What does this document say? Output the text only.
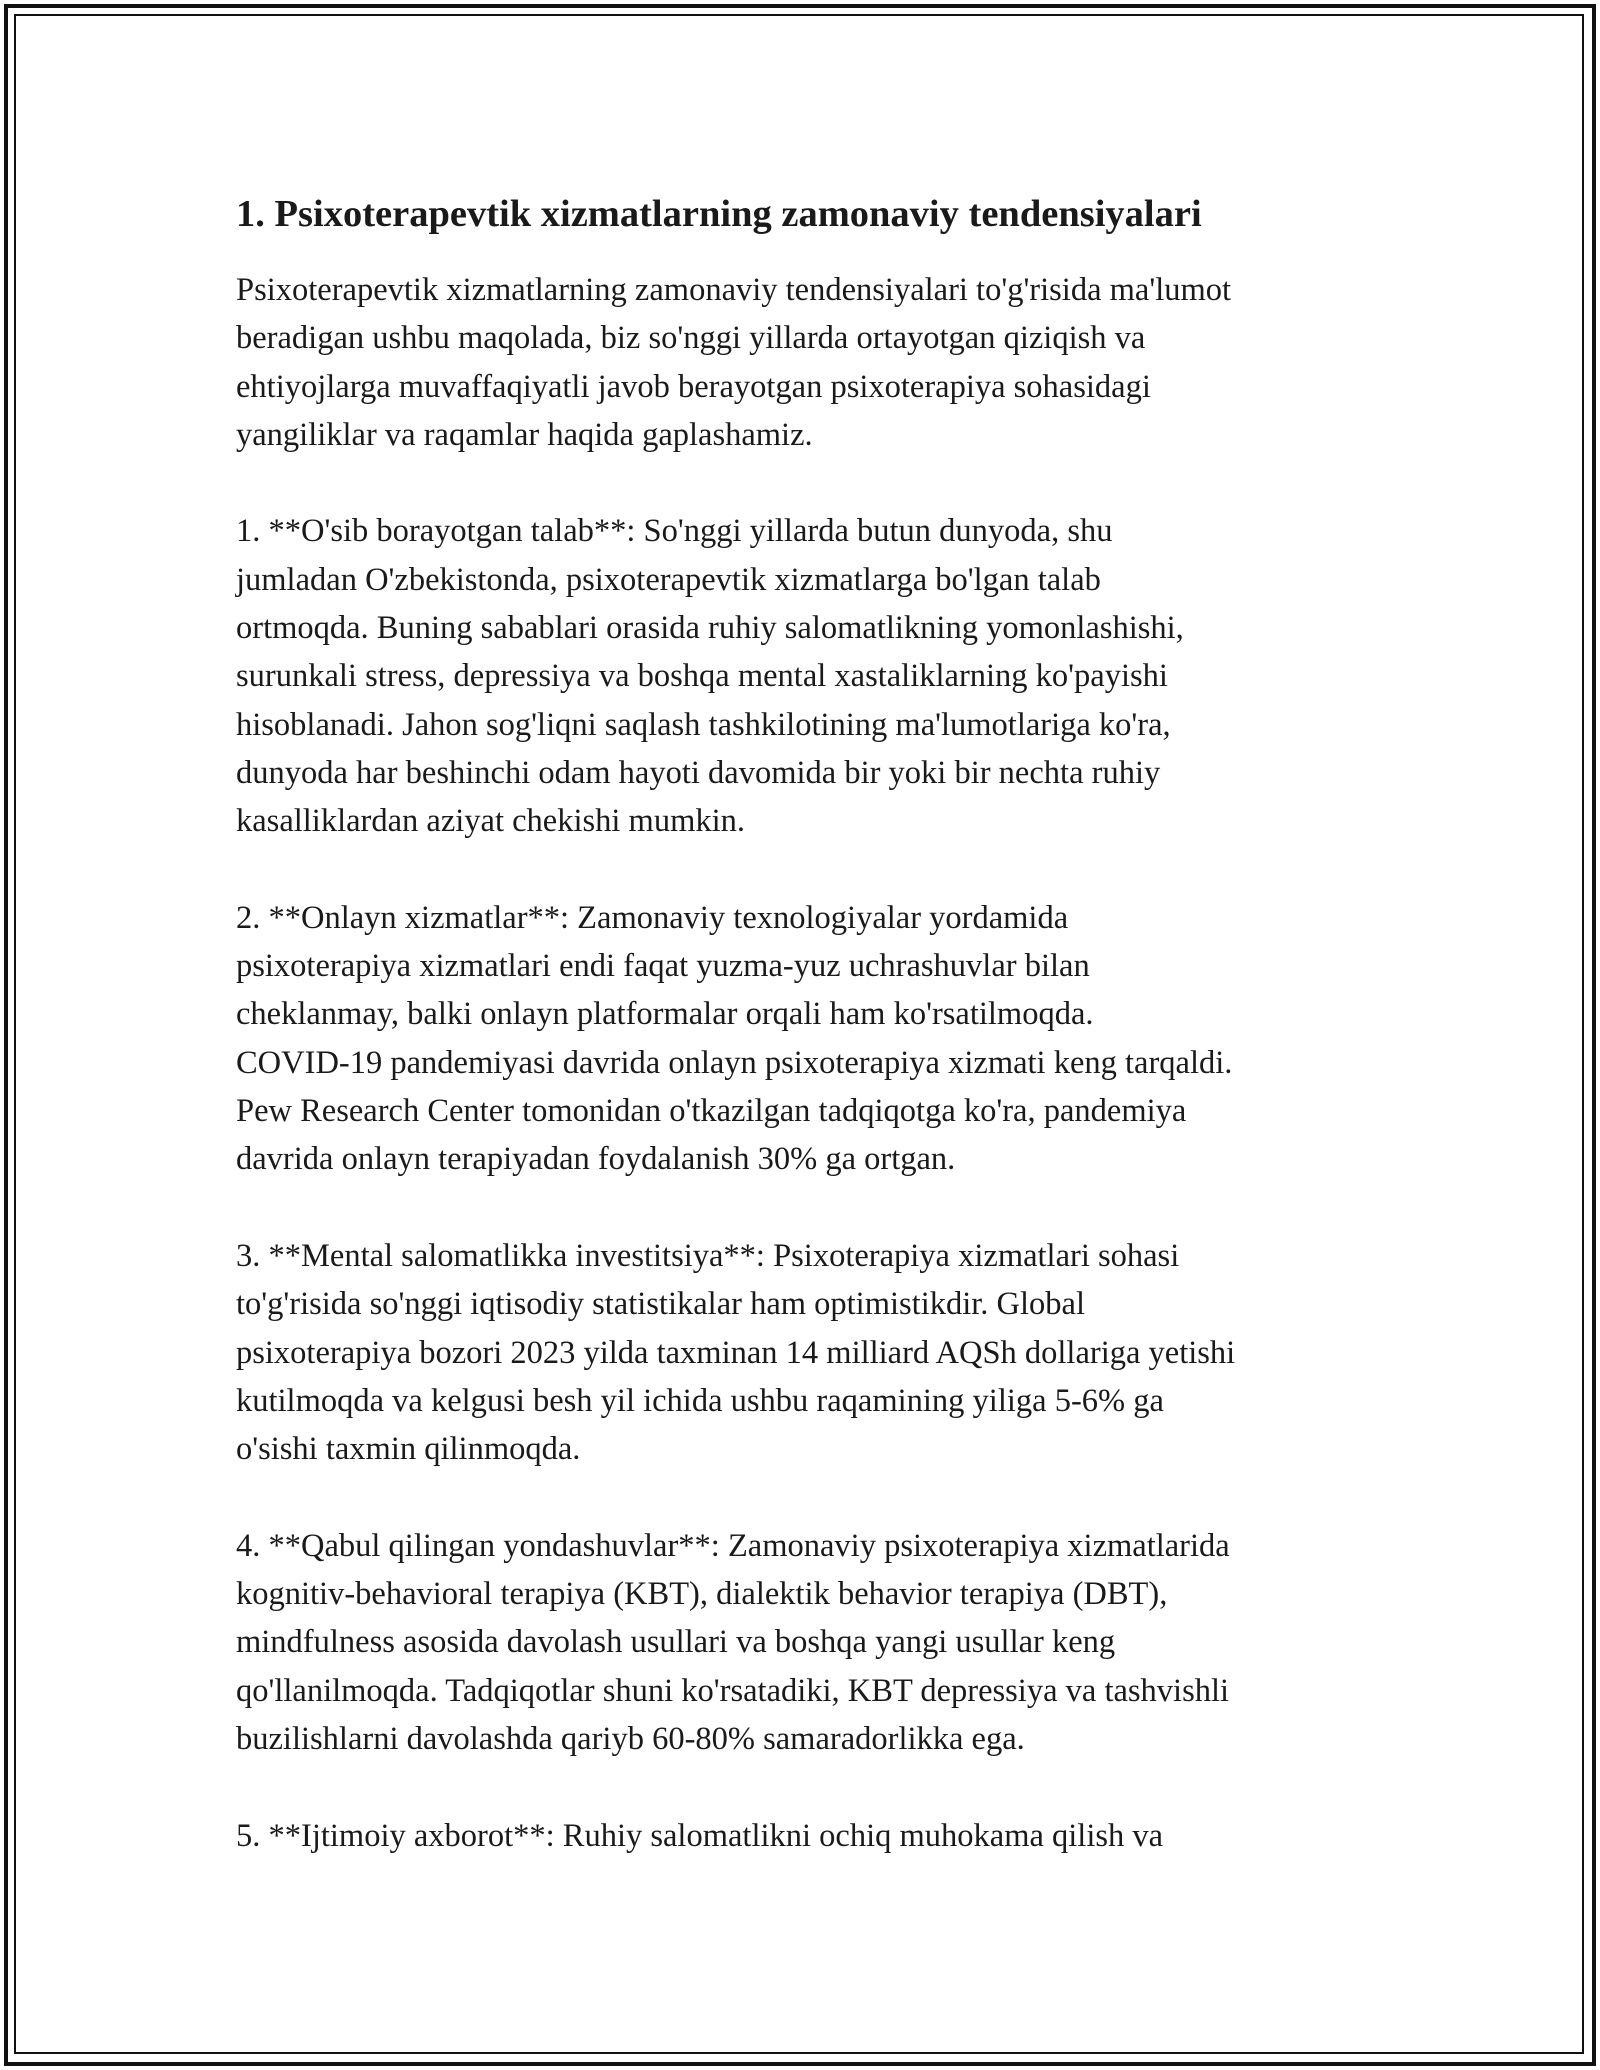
1. Psixoterapevtik xizmatlarning zamonaviy tendensiyalari

Psixoterapevtik xizmatlarning zamonaviy tendensiyalari to'g'risida ma'lumot
beradigan ushbu maqolada, biz so'nggi yillarda ortayotgan qiziqish va
ehtiyojlarga muvaffaqiyatli javob berayotgan psixoterapiya sohasidagi
yangiliklar va raqamlar haqida gaplashamiz.

1. **O'sib borayotgan talab**: So'nggi yillarda butun dunyoda, shu
jumladan O'zbekistonda, psixoterapevtik xizmatlarga bo'lgan talab
ortmoqda. Buning sabablari orasida ruhiy salomatlikning yomonlashishi,
surunkali stress, depressiya va boshqa mental xastaliklarning ko'payishi
hisoblanadi. Jahon sog'liqni saqlash tashkilotining ma'lumotlariga ko'ra,
dunyoda har beshinchi odam hayoti davomida bir yoki bir nechta ruhiy
kasalliklardan aziyat chekishi mumkin.

2. **Onlayn xizmatlar**: Zamonaviy texnologiyalar yordamida
psixoterapiya xizmatlari endi faqat yuzma-yuz uchrashuvlar bilan
cheklanmay, balki onlayn platformalar orqali ham ko'rsatilmoqda.
COVID-19 pandemiyasi davrida onlayn psixoterapiya xizmati keng tarqaldi.
Pew Research Center tomonidan o'tkazilgan tadqiqotga ko'ra, pandemiya
davrida onlayn terapiyadan foydalanish 30% ga ortgan.

3. **Mental salomatlikka investitsiya**: Psixoterapiya xizmatlari sohasi
to'g'risida so'nggi iqtisodiy statistikalar ham optimistikdir. Global
psixoterapiya bozori 2023 yilda taxminan 14 milliard AQSh dollariga yetishi
kutilmoqda va kelgusi besh yil ichida ushbu raqamining yiliga 5-6% ga
o'sishi taxmin qilinmoqda.

4. **Qabul qilingan yondashuvlar**: Zamonaviy psixoterapiya xizmatlarida
kognitiv-behavioral terapiya (KBT), dialektik behavior terapiya (DBT),
mindfulness asosida davolash usullari va boshqa yangi usullar keng
qo'llanilmoqda. Tadqiqotlar shuni ko'rsatadiki, KBT depressiya va tashvishli
buzilishlarni davolashda qariyb 60-80% samaradorlikka ega.

5. **Ijtimoiy axborot**: Ruhiy salomatlikni ochiq muhokama qilish va
